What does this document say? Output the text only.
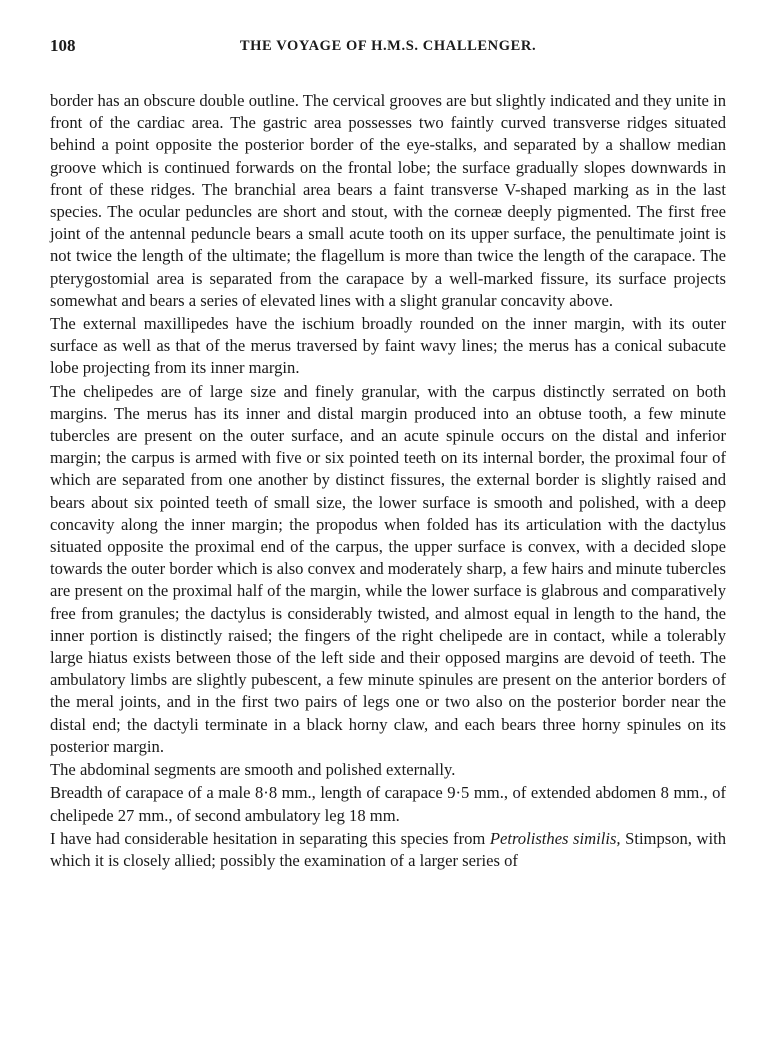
108	THE VOYAGE OF H.M.S. CHALLENGER.

border has an obscure double outline. The cervical grooves are but slightly indicated and they unite in front of the cardiac area. The gastric area possesses two faintly curved transverse ridges situated behind a point opposite the posterior border of the eye-stalks, and separated by a shallow median groove which is continued forwards on the frontal lobe; the surface gradually slopes downwards in front of these ridges. The branchial area bears a faint transverse V-shaped marking as in the last species. The ocular peduncles are short and stout, with the corneæ deeply pigmented. The first free joint of the antennal peduncle bears a small acute tooth on its upper surface, the penultimate joint is not twice the length of the ultimate; the flagellum is more than twice the length of the carapace. The pterygostomial area is separated from the carapace by a well-marked fissure, its surface projects somewhat and bears a series of elevated lines with a slight granular concavity above.

The external maxillipedes have the ischium broadly rounded on the inner margin, with its outer surface as well as that of the merus traversed by faint wavy lines; the merus has a conical subacute lobe projecting from its inner margin.

The chelipedes are of large size and finely granular, with the carpus distinctly serrated on both margins. The merus has its inner and distal margin produced into an obtuse tooth, a few minute tubercles are present on the outer surface, and an acute spinule occurs on the distal and inferior margin; the carpus is armed with five or six pointed teeth on its internal border, the proximal four of which are separated from one another by distinct fissures, the external border is slightly raised and bears about six pointed teeth of small size, the lower surface is smooth and polished, with a deep concavity along the inner margin; the propodus when folded has its articulation with the dactylus situated opposite the proximal end of the carpus, the upper surface is convex, with a decided slope towards the outer border which is also convex and moderately sharp, a few hairs and minute tubercles are present on the proximal half of the margin, while the lower surface is glabrous and comparatively free from granules; the dactylus is considerably twisted, and almost equal in length to the hand, the inner portion is distinctly raised; the fingers of the right chelipede are in contact, while a tolerably large hiatus exists between those of the left side and their opposed margins are devoid of teeth. The ambulatory limbs are slightly pubescent, a few minute spinules are present on the anterior borders of the meral joints, and in the first two pairs of legs one or two also on the posterior border near the distal end; the dactyli terminate in a black horny claw, and each bears three horny spinules on its posterior margin.

The abdominal segments are smooth and polished externally.

Breadth of carapace of a male 8·8 mm., length of carapace 9·5 mm., of extended abdomen 8 mm., of chelipede 27 mm., of second ambulatory leg 18 mm.

I have had considerable hesitation in separating this species from Petrolisthes similis, Stimpson, with which it is closely allied; possibly the examination of a larger series of
